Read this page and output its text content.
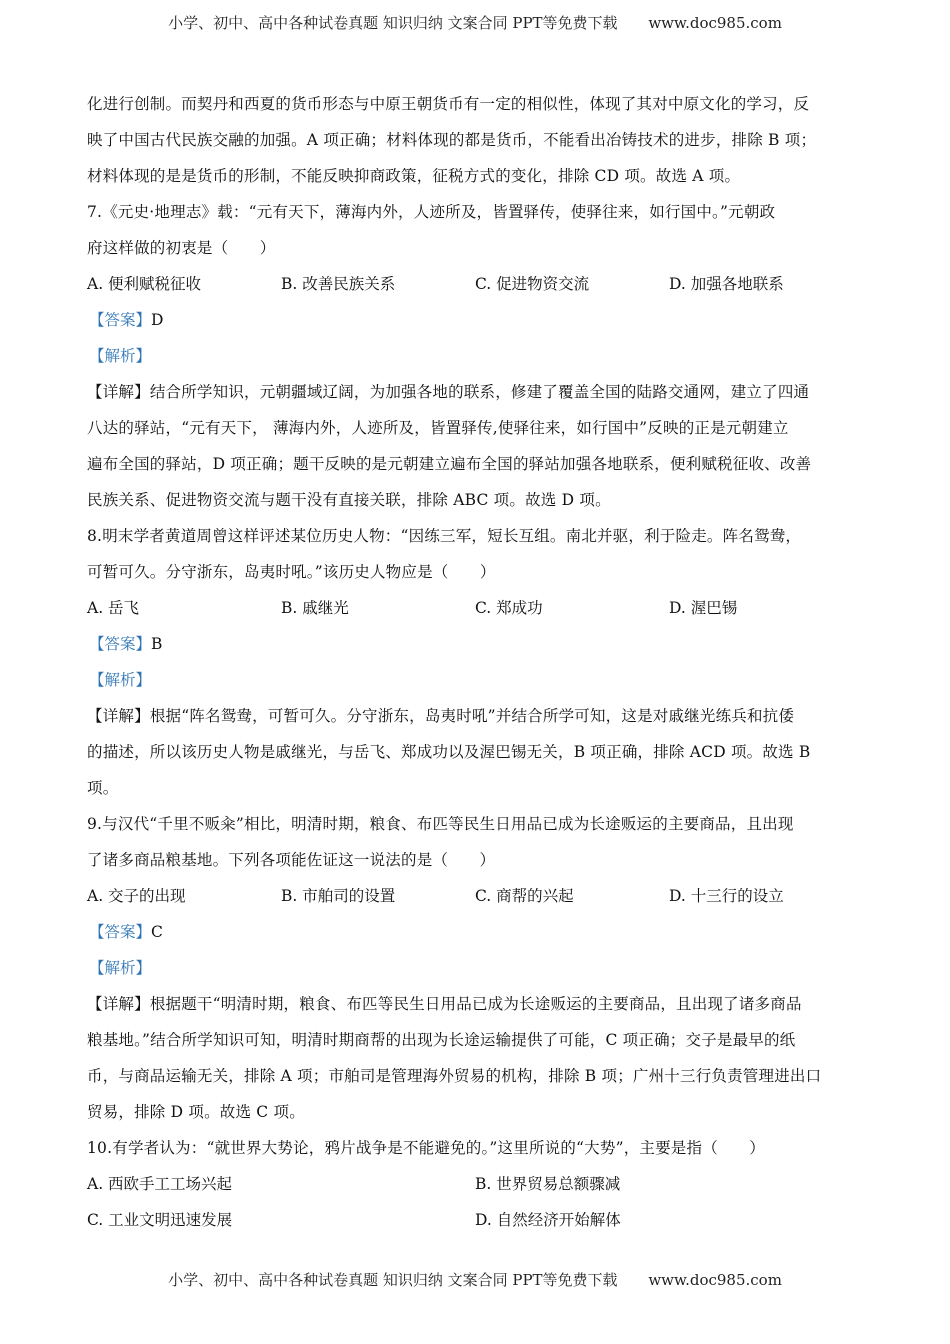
小学、初中、高中各种试卷真题 知识归纳 文案合同 PPT等免费下载 www.doc985.com
化进行创制。而契丹和西夏的货币形态与中原王朝货币有一定的相似性，体现了其对中原文化的学习，反
映了中国古代民族交融的加强。A 项正确；材料体现的都是货币，不能看出冶铸技术的进步，排除 B 项；
材料体现的是是货币的形制，不能反映抑商政策，征税方式的变化，排除 CD 项。故选 A 项。
7.《元史·地理志》载：“元有天下，薄海内外，人迹所及，皆置驿传，使驿往来，如行国中。”元朝政
府这样做的初衷是（　　）
A. 便利赋税征收	B. 改善民族关系	C. 促进物资交流	D. 加强各地联系
【答案】D
【解析】
【详解】结合所学知识，元朝疆域辽阔，为加强各地的联系，修建了覆盖全国的陆路交通网，建立了四通
八达的驿站，“元有天下， 薄海内外，人迹所及，皆置驿传,使驿往来，如行国中”反映的正是元朝建立
遍布全国的驿站，D 项正确；题干反映的是元朝建立遍布全国的驿站加强各地联系，便利赋税征收、改善
民族关系、促进物资交流与题干没有直接关联，排除 ABC 项。故选 D 项。
8.明末学者黄道周曾这样评述某位历史人物：“因练三军，短长互组。南北并驱，利于险走。阵名鸳鸯，
可暂可久。分守浙东，岛夷时吼。”该历史人物应是（　　）
A. 岳飞	B. 戚继光	C. 郑成功	D. 渥巴锡
【答案】B
【解析】
【详解】根据“阵名鸳鸯，可暂可久。分守浙东，岛夷时吼”并结合所学可知，这是对戚继光练兵和抗倭
的描述，所以该历史人物是戚继光，与岳飞、郑成功以及渥巴锡无关，B 项正确，排除 ACD 项。故选 B
项。
9.与汉代“千里不贩籴”相比，明清时期，粮食、布匹等民生日用品已成为长途贩运的主要商品，且出现
了诸多商品粮基地。下列各项能佐证这一说法的是（　　）
A. 交子的出现	B. 市舶司的设置	C. 商帮的兴起	D. 十三行的设立
【答案】C
【解析】
【详解】根据题干“明清时期，粮食、布匹等民生日用品已成为长途贩运的主要商品，且出现了诸多商品
粮基地。”结合所学知识可知，明清时期商帮的出现为长途运输提供了可能，C 项正确；交子是最早的纸
币，与商品运输无关，排除 A 项；市舶司是管理海外贸易的机构，排除 B 项；广州十三行负责管理进出口
贸易，排除 D 项。故选 C 项。
10.有学者认为：“就世界大势论，鸦片战争是不能避免的。”这里所说的“大势”，主要是指（　　）
A. 西欧手工工场兴起	B. 世界贸易总额骤减
C. 工业文明迅速发展	D. 自然经济开始解体
小学、初中、高中各种试卷真题 知识归纳 文案合同 PPT等免费下载 www.doc985.com
